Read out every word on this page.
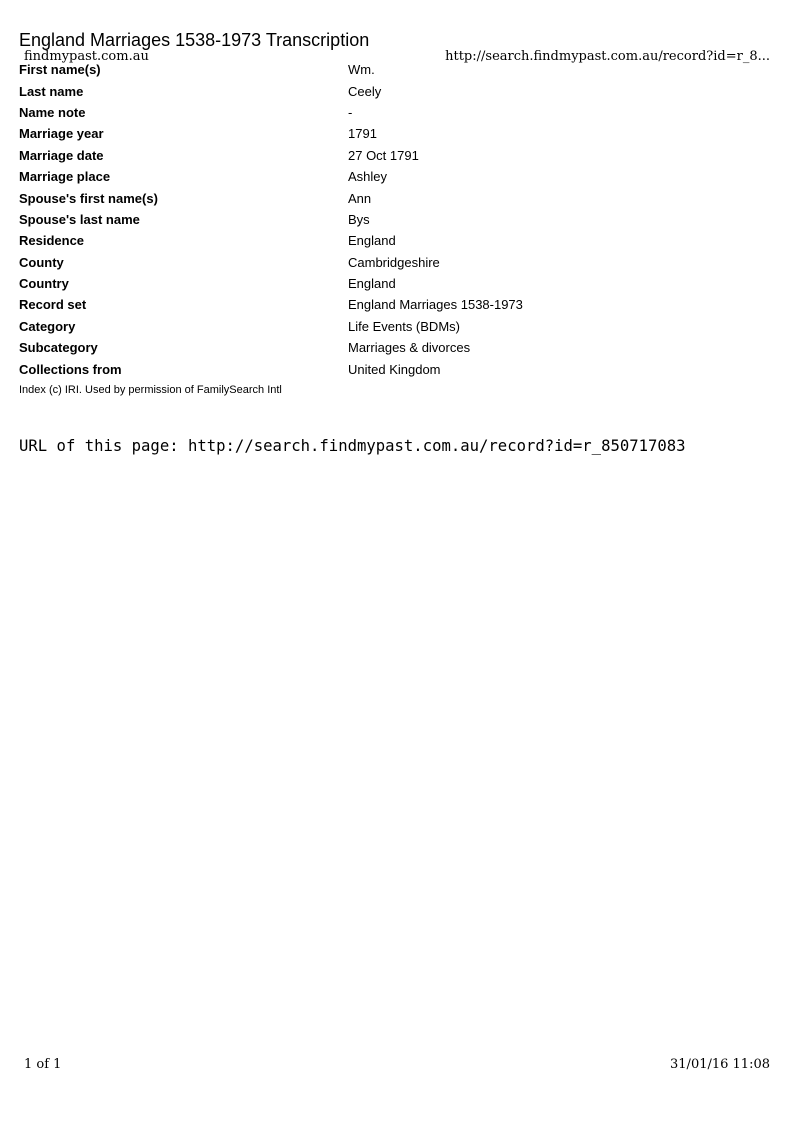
England Marriages 1538-1973 Transcription
findmypast.com.au	http://search.findmypast.com.au/record?id=r_8...
First name(s)	Wm.
Last name	Ceely
Name note	-
Marriage year	1791
Marriage date	27 Oct 1791
Marriage place	Ashley
Spouse's first name(s)	Ann
Spouse's last name	Bys
Residence	England
County	Cambridgeshire
Country	England
Record set	England Marriages 1538-1973
Category	Life Events (BDMs)
Subcategory	Marriages & divorces
Collections from	United Kingdom
Index (c) IRI. Used by permission of FamilySearch Intl
URL of this page: http://search.findmypast.com.au/record?id=r_850717083
1 of 1	31/01/16 11:08
